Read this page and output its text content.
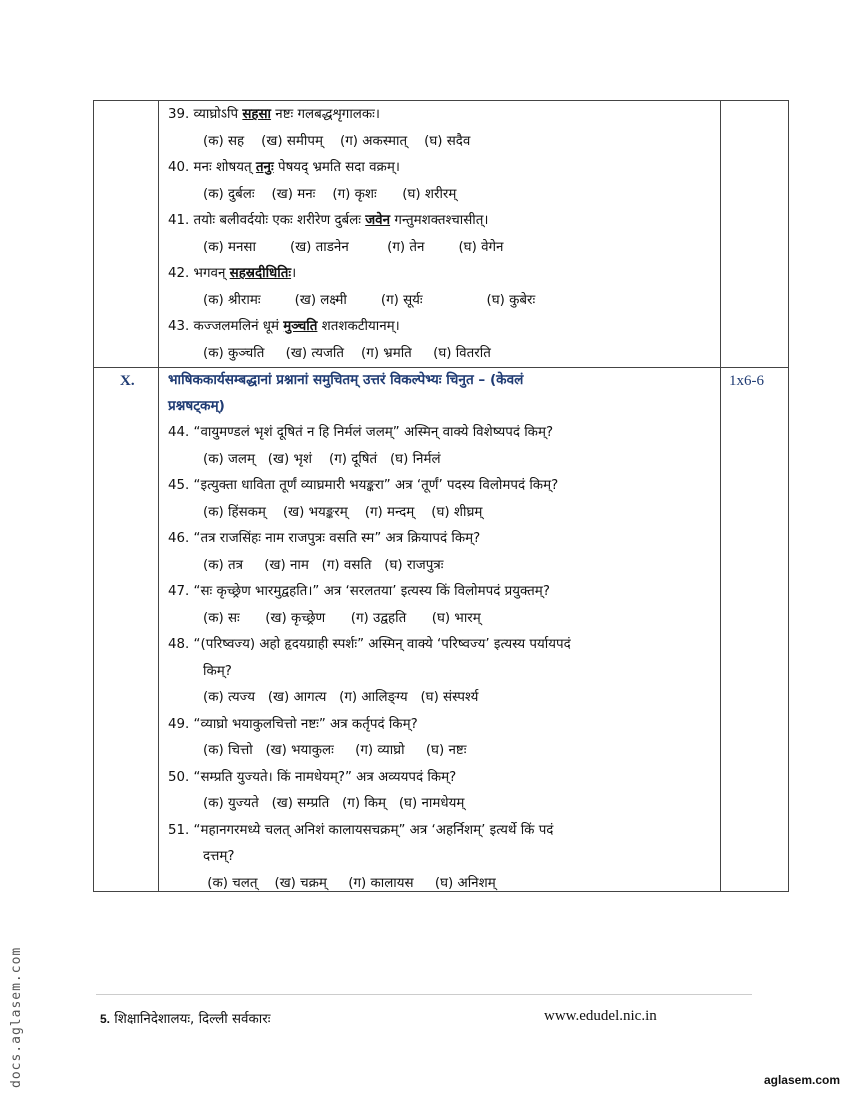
39. व्याघ्रोऽपि सहसा नष्टः गलबद्धशृगालकः।
(क) सह    (ख) समीपम्    (ग) अकस्मात्    (घ) सदैव
40. मनः शोषयत् तनुः पेषयद् भ्रमति सदा वक्रम्।
(क) दुर्बलः    (ख) मनः    (ग) कृशः      (घ) शरीरम्
41. तयोः बलीवर्दयोः एकः शरीरेण दुर्बलः जवेन गन्तुमशक्तश्चासीत्।
(क) मनसा        (ख) ताडनेन         (ग) तेन        (घ) वेगेन
42. भगवन् सहस्रदीधितिः।
(क) श्रीरामः        (ख) लक्ष्मी        (ग) सूर्यः               (घ) कुबेरः
43. कज्जलमलिनं धूमं मुञ्चति शतशकटीयानम्।
(क) कुञ्चति     (ख) त्यजति    (ग) भ्रमति     (घ) वितरति
X. भाषिककार्यसम्बद्धानां प्रश्नानां समुचितम् उत्तरं विकल्पेभ्यः चिनुत – (केवलं
प्रश्नषट्कम्)
1x6-6
44. “वायुमण्डलं भृशं दूषितं न हि निर्मलं जलम्” अस्मिन् वाक्ये विशेष्यपदं किम्?
(क) जलम्   (ख) भृशं    (ग) दूषितं   (घ) निर्मलं
45. “इत्युक्ता धाविता तूर्णं व्याघ्रमारी भयङ्करा” अत्र ‘तूर्णं’ पदस्य विलोमपदं किम्?
(क) हिंसकम्    (ख) भयङ्करम्    (ग) मन्दम्    (घ) शीघ्रम्
46. “तत्र राजसिंहः नाम राजपुत्रः वसति स्म” अत्र क्रियापदं किम्?
(क) तत्र     (ख) नाम   (ग) वसति   (घ) राजपुत्रः
47. “सः कृच्छ्रेण भारमुद्वहति।” अत्र ‘सरलतया’ इत्यस्य किं विलोमपदं प्रयुक्तम्?
(क) सः      (ख) कृच्छ्रेण      (ग) उद्वहति      (घ) भारम्
48. “(परिष्वज्य) अहो हृदयग्राही स्पर्शः” अस्मिन् वाक्ये ‘परिष्वज्य’ इत्यस्य पर्यायपदं
किम्?
(क) त्यज्य   (ख) आगत्य   (ग) आलिङ्ग्य   (घ) संस्पर्श्य
49. “व्याघ्रो भयाकुलचित्तो नष्टः” अत्र कर्तृपदं किम्?
(क) चित्तो   (ख) भयाकुलः     (ग) व्याघ्रो     (घ) नष्टः
50. “सम्प्रति युज्यते। किं नामधेयम्?” अत्र अव्ययपदं किम्?
(क) युज्यते   (ख) सम्प्रति   (ग) किम्   (घ) नामधेयम्
51. “महानगरमध्ये चलत् अनिशं कालायसचक्रम्” अत्र ‘अहर्निशम्’ इत्यर्थे किं पदं
दत्तम्?
(क) चलत्    (ख) चक्रम्     (ग) कालायस     (घ) अनिशम्
5. शिक्षानिदेशालयः, दिल्ली सर्वकारः	www.edudel.nic.in
docs.aglasem.com	aglasem.com
